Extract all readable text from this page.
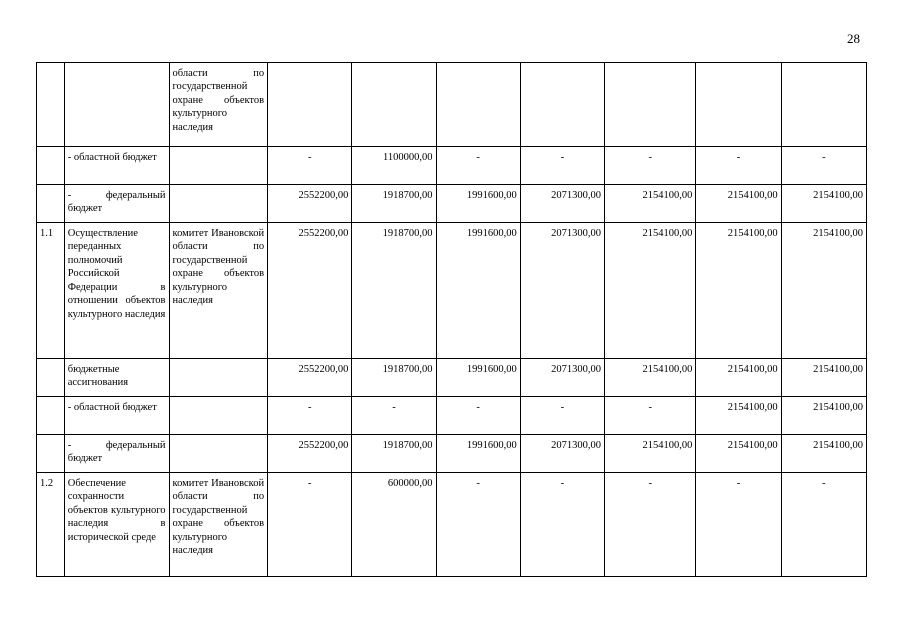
28
		области по государственной охране объектов культурного наследия							
	- областной бюджет		-	1100000,00	-	-	-	-	-
	- федеральный бюджет		2552200,00	1918700,00	1991600,00	2071300,00	2154100,00	2154100,00	2154100,00
1.1	Осуществление переданных полномочий Российской Федерации в отношении объектов культурного наследия	комитет Ивановской области по государственной охране объектов культурного наследия	2552200,00	1918700,00	1991600,00	2071300,00	2154100,00	2154100,00	2154100,00
	бюджетные ассигнования		2552200,00	1918700,00	1991600,00	2071300,00	2154100,00	2154100,00	2154100,00
	- областной бюджет		-	-	-	-	-	2154100,00	2154100,00
	- федеральный бюджет		2552200,00	1918700,00	1991600,00	2071300,00	2154100,00	2154100,00	2154100,00
1.2	Обеспечение сохранности объектов культурного наследия в исторической среде	комитет Ивановской области по государственной охране объектов культурного наследия	-	600000,00	-	-	-	-	-
